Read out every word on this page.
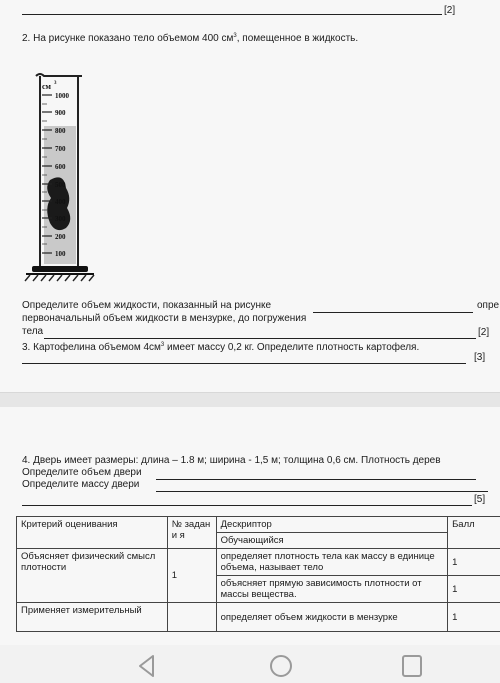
[2]
2. На рисунке показано тело объемом 400 $см^3$, помещенное в жидкость.
см 3
1000
900
800
700
600
500
400
300
200
100
Определите объем жидкости, показанный на рисунке	опре
первоначальный объем жидкости в мензурке, до погружения
тела	[2]
3. Картофелина объемом $4см^3$ имеет массу 0,2 кг. Определите плотность картофеля.
[3]
4. Дверь имеет размеры: длина – 1.8 м; ширина - 1,5 м; толщина 0,6 см. Плотность дерев
Определите объем двери
Определите массу двери
[5]
Критерий оценивания	№ задани я	Дескриптор	Балл
		Обучающийся	
Объясняет физический смысл плотности	1	определяет плотность тела как массу в единице объема, называет тело	1
		объясняет прямую зависимость плотности от массы вещества.	1
Применяет измерительный		определяет объем жидкости в мензурке	1
